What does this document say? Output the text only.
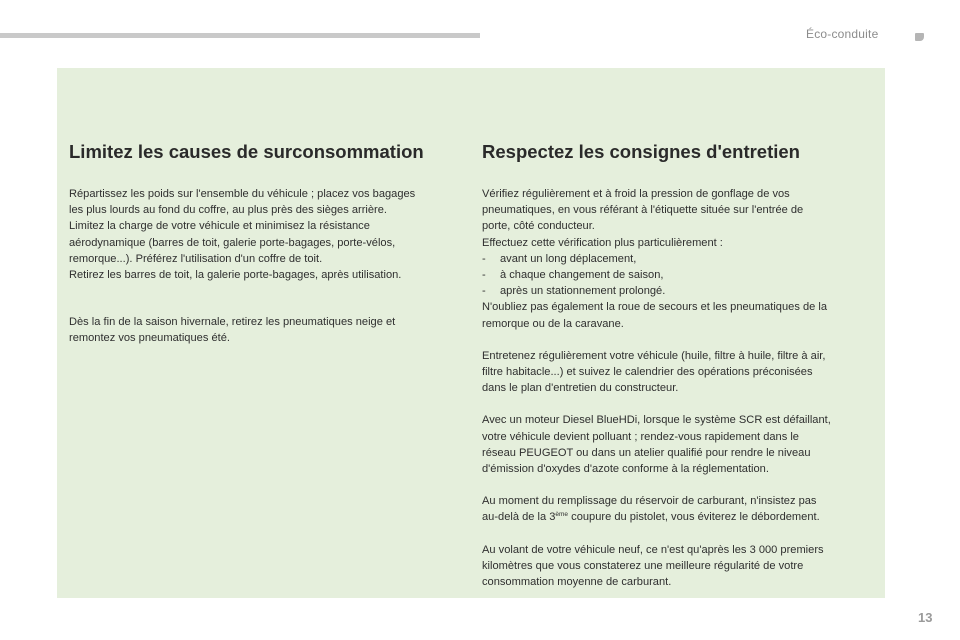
Éco-conduite
Limitez les causes de surconsommation

Répartissez les poids sur l'ensemble du véhicule ; placez vos bagages
les plus lourds au fond du coffre, au plus près des sièges arrière.
Limitez la charge de votre véhicule et minimisez la résistance
aérodynamique (barres de toit, galerie porte-bagages, porte-vélos,
remorque...). Préférez l'utilisation d'un coffre de toit.
Retirez les barres de toit, la galerie porte-bagages, après utilisation.

Dès la fin de la saison hivernale, retirez les pneumatiques neige et
remontez vos pneumatiques été.

Respectez les consignes d'entretien

Vérifiez régulièrement et à froid la pression de gonflage de vos
pneumatiques, en vous référant à l'étiquette située sur l'entrée de
porte, côté conducteur.
Effectuez cette vérification plus particulièrement :
- avant un long déplacement,
- à chaque changement de saison,
- après un stationnement prolongé.
N'oubliez pas également la roue de secours et les pneumatiques de la
remorque ou de la caravane.

Entretenez régulièrement votre véhicule (huile, filtre à huile, filtre à air,
filtre habitacle...) et suivez le calendrier des opérations préconisées
dans le plan d'entretien du constructeur.

Avec un moteur Diesel BlueHDi, lorsque le système SCR est défaillant,
votre véhicule devient polluant ; rendez-vous rapidement dans le
réseau PEUGEOT ou dans un atelier qualifié pour rendre le niveau
d'émission d'oxydes d'azote conforme à la réglementation.

Au moment du remplissage du réservoir de carburant, n'insistez pas
au-delà de la 3ème coupure du pistolet, vous éviterez le débordement.

Au volant de votre véhicule neuf, ce n'est qu'après les 3 000 premiers
kilomètres que vous constaterez une meilleure régularité de votre
consommation moyenne de carburant.

13
